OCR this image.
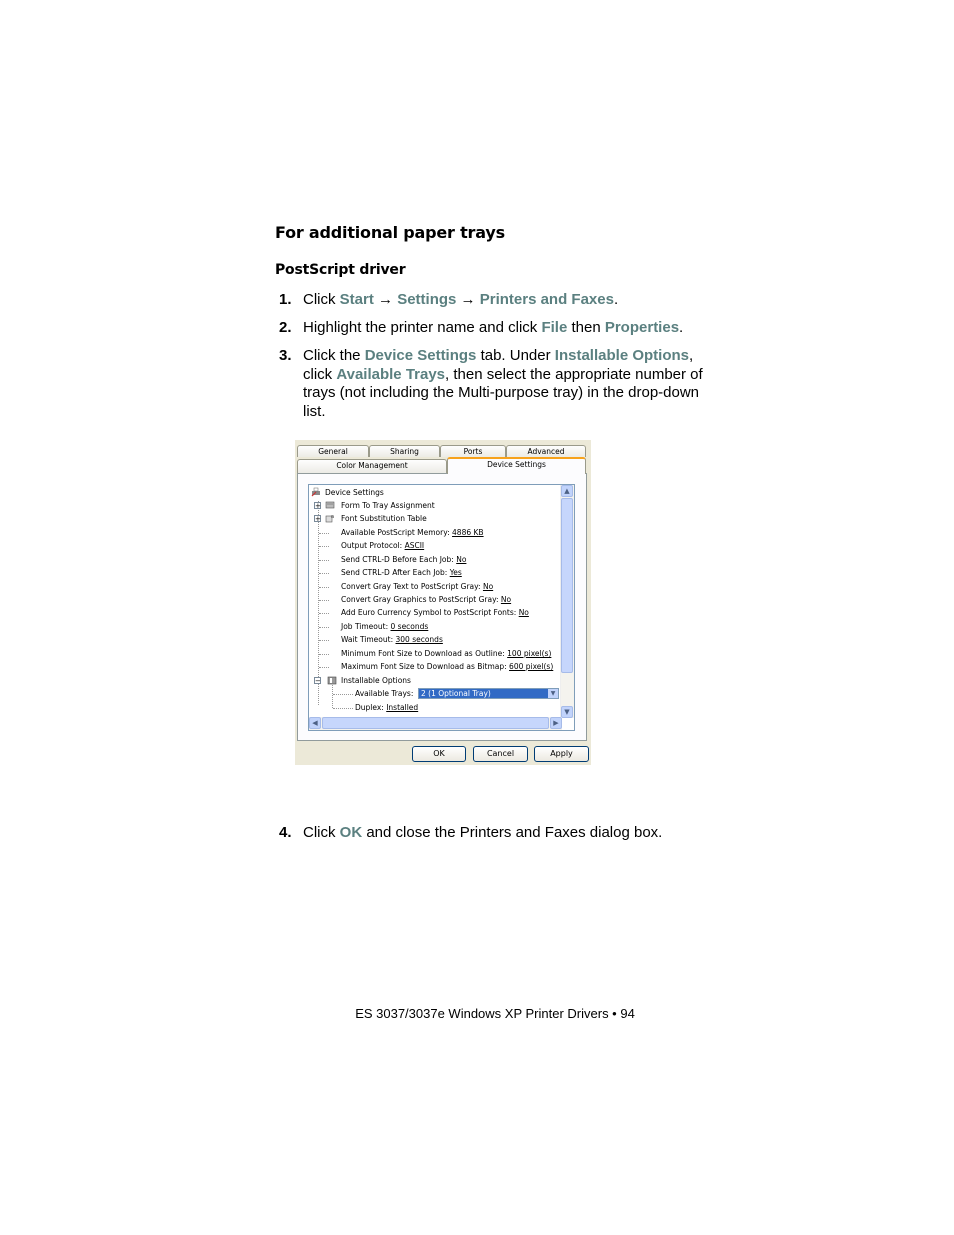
For additional paper trays
PostScript driver
1. Click Start → Settings → Printers and Faxes.
2. Highlight the printer name and click File then Properties.
3. Click the Device Settings tab. Under Installable Options, click Available Trays, then select the appropriate number of trays (not including the Multi-purpose tray) in the drop-down list.
General	Sharing	Ports	Advanced
Color Management	Device Settings
Device Settings
+	Form To Tray Assignment
+ a Font Substitution Table
Available PostScript Memory: 4886 KB
Output Protocol: ASCII
Send CTRL-D Before Each Job: No
Send CTRL-D After Each Job: Yes
Convert Gray Text to PostScript Gray: No
Convert Gray Graphics to PostScript Gray: No
Add Euro Currency Symbol to PostScript Fonts: No
Job Timeout: 0 seconds
Wait Timeout: 300 seconds
Minimum Font Size to Download as Outline: 100 pixel(s)
Maximum Font Size to Download as Bitmap: 600 pixel(s)
−	Installable Options
Available Trays:	2 (1 Optional Tray)	▼
Duplex: Installed
▲
▼
◀	▶
OK	Cancel	Apply
4. Click OK and close the Printers and Faxes dialog box.
ES 3037/3037e Windows XP Printer Drivers • 94
